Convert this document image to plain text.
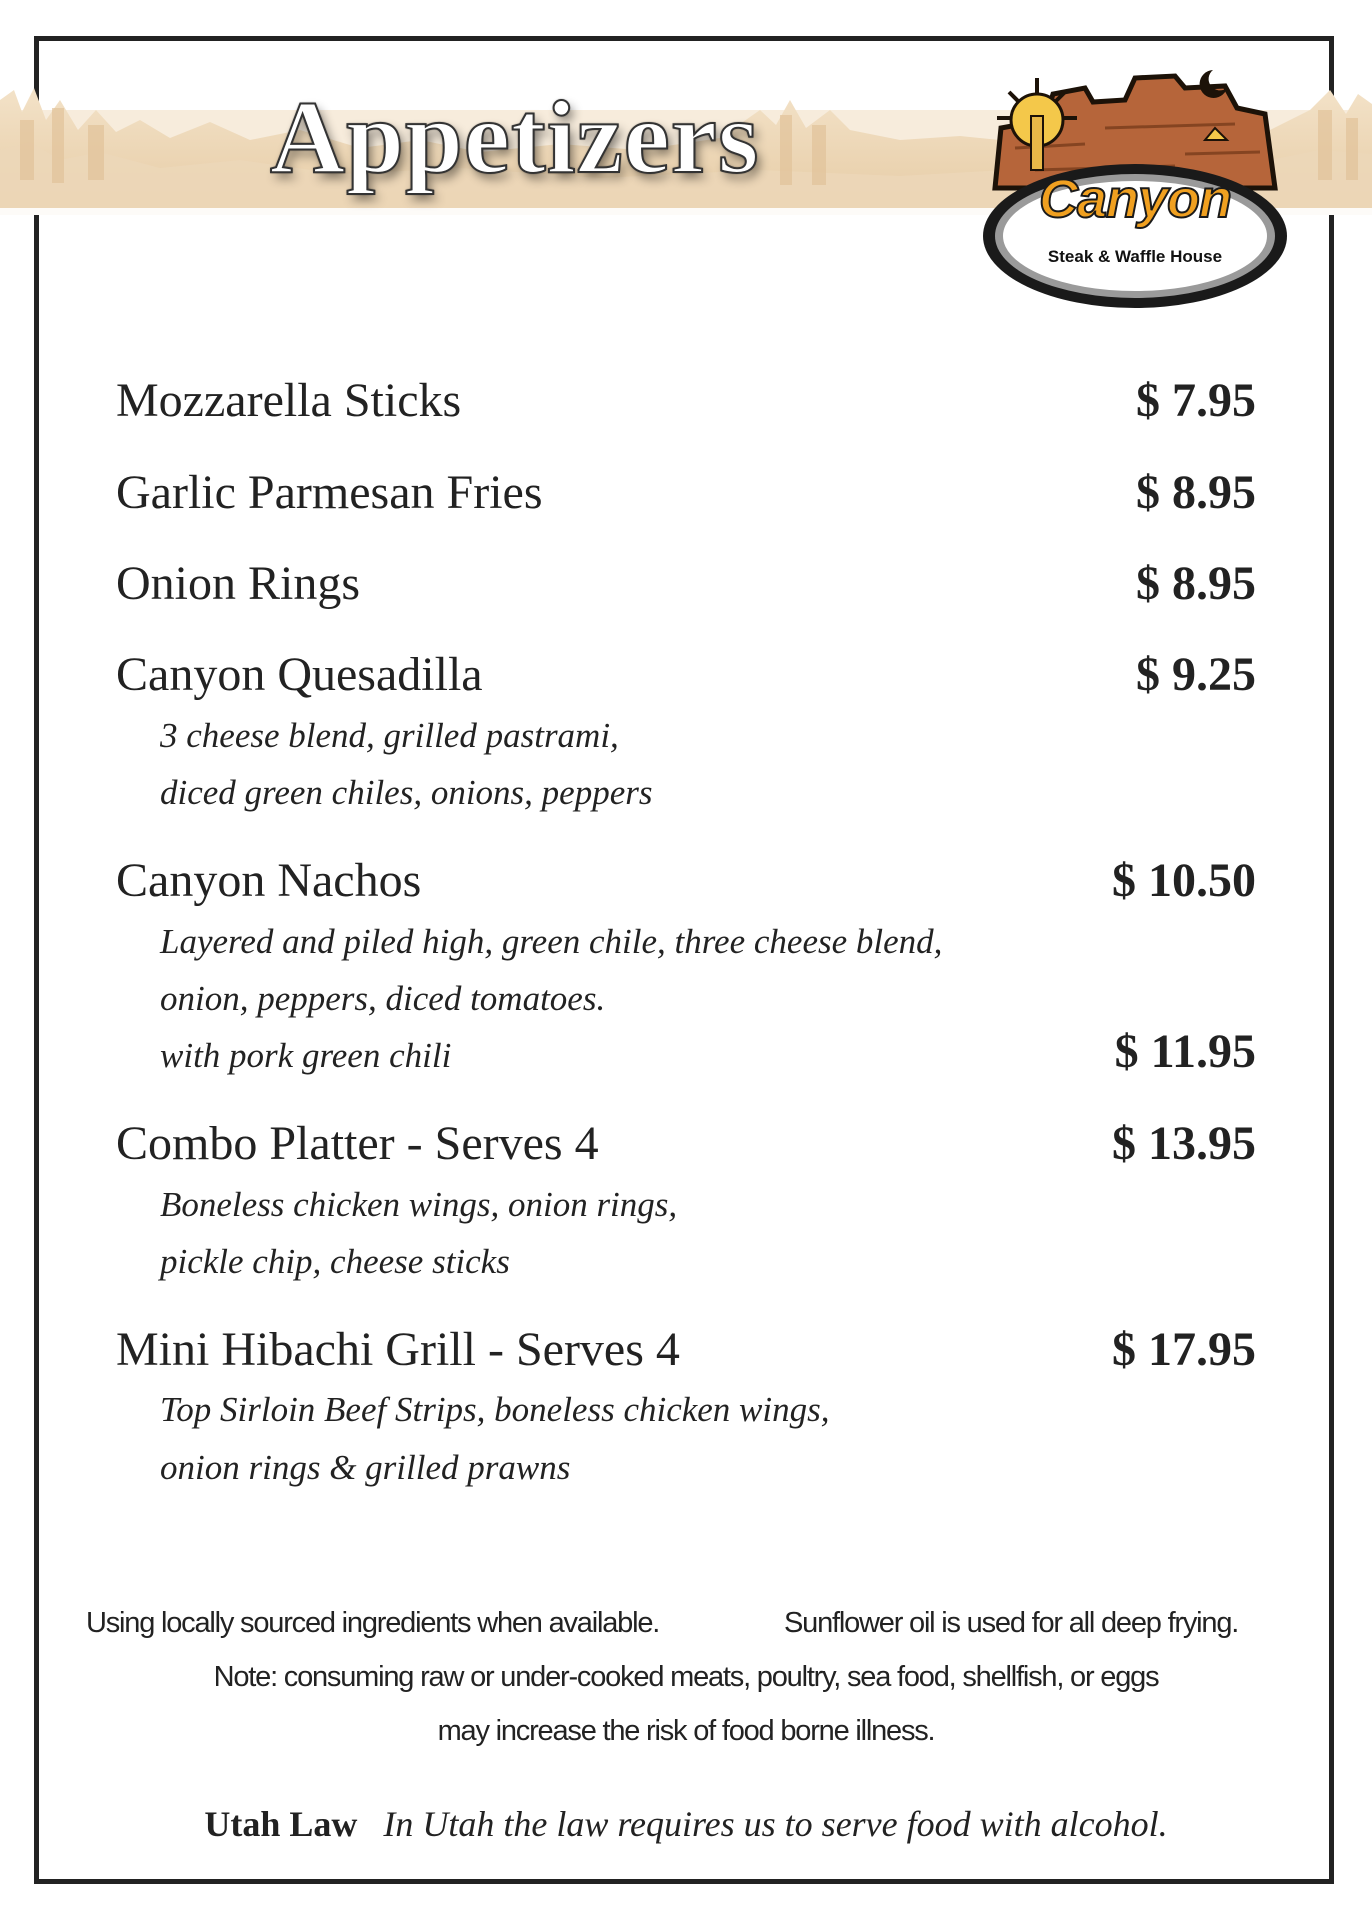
Appetizers
Canyon
Steak & Waffle House
Mozzarella Sticks	$ 7.95
Garlic Parmesan Fries	$ 8.95
Onion Rings	$ 8.95
Canyon Quesadilla	$ 9.25
3 cheese blend, grilled pastrami,
diced green chiles, onions, peppers
Canyon Nachos	$ 10.50
Layered and piled high, green chile, three cheese blend,
onion, peppers, diced tomatoes.
with pork green chili	$ 11.95
Combo Platter - Serves 4	$ 13.95
Boneless chicken wings, onion rings,
pickle chip, cheese sticks
Mini Hibachi Grill - Serves 4	$ 17.95
Top Sirloin Beef Strips, boneless chicken wings,
onion rings & grilled prawns
Using locally sourced ingredients when available.	Sunflower oil is used for all deep frying.
Note: consuming raw or under-cooked meats, poultry, sea food, shellfish, or eggs
may increase the risk of food borne illness.
Utah Law In Utah the law requires us to serve food with alcohol.
